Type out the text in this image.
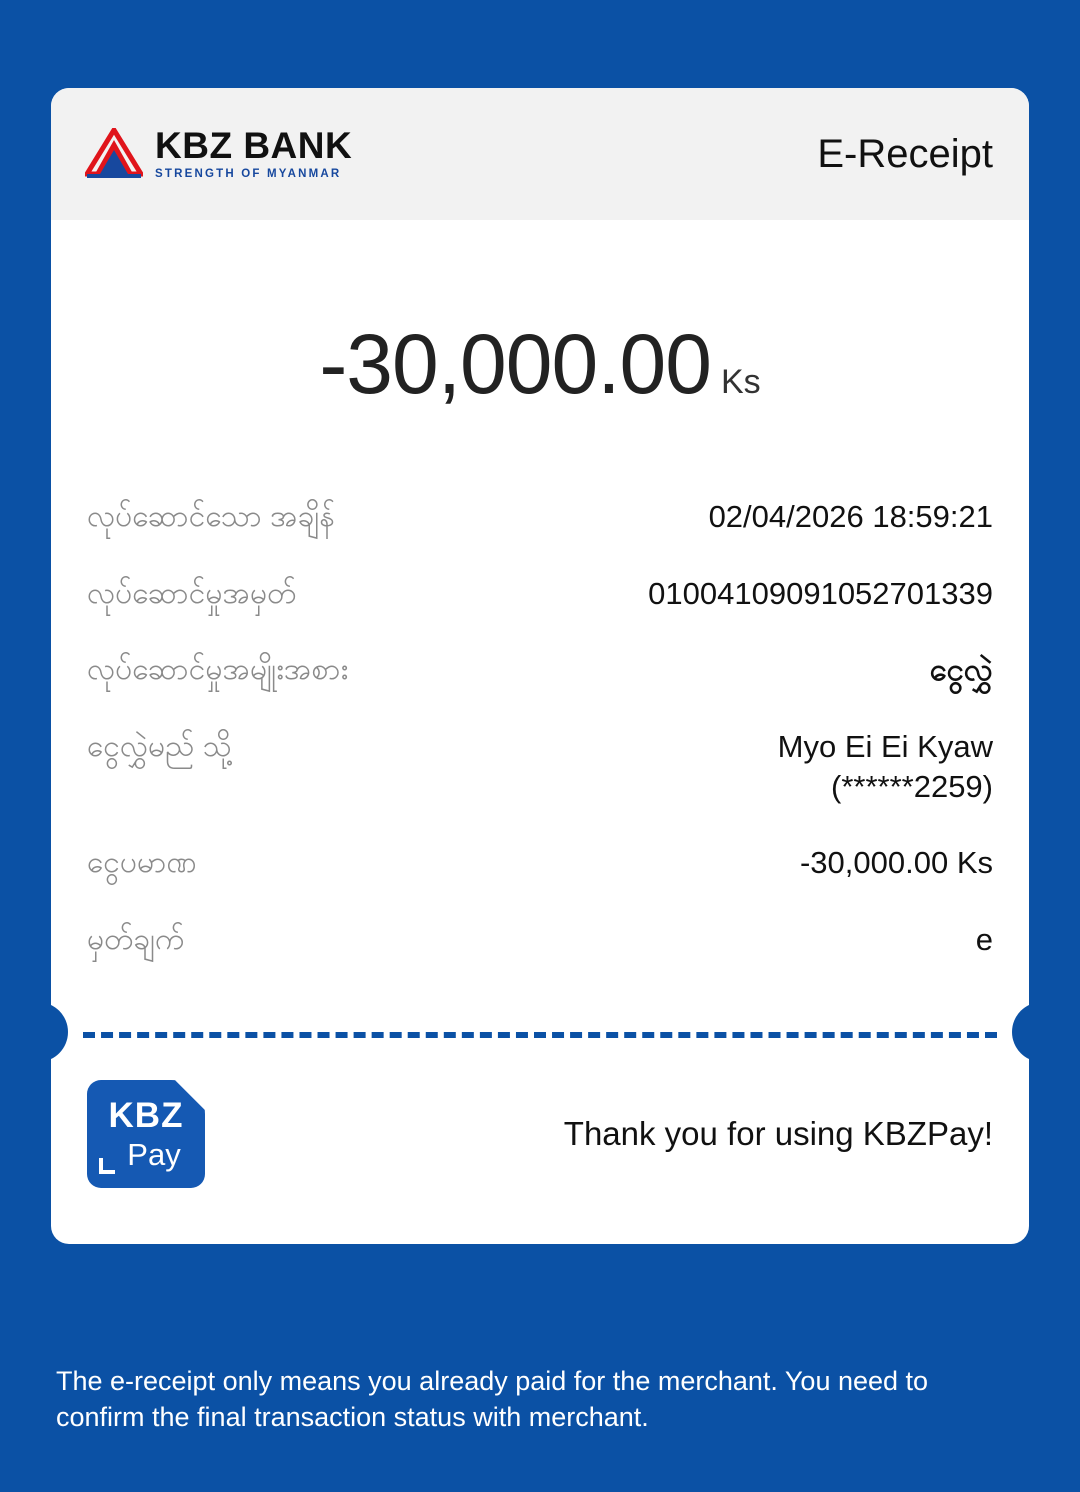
KBZ BANK
STRENGTH OF MYANMAR	E-Receipt
-30,000.00 Ks
လုပ်ဆောင်သော အချိန်	02/04/2026 18:59:21
လုပ်ဆောင်မှုအမှတ်	01004109091052701339
လုပ်ဆောင်မှုအမျိုးအစား	ငွေလွှဲ
ငွေလွှဲမည် သို့	Myo Ei Ei Kyaw
(******2259)
ငွေပမာဏ	-30,000.00 Ks
မှတ်ချက်	e
KBZ
Pay
Thank you for using KBZPay!
The e-receipt only means you already paid for the merchant. You need to confirm the final transaction status with merchant.
